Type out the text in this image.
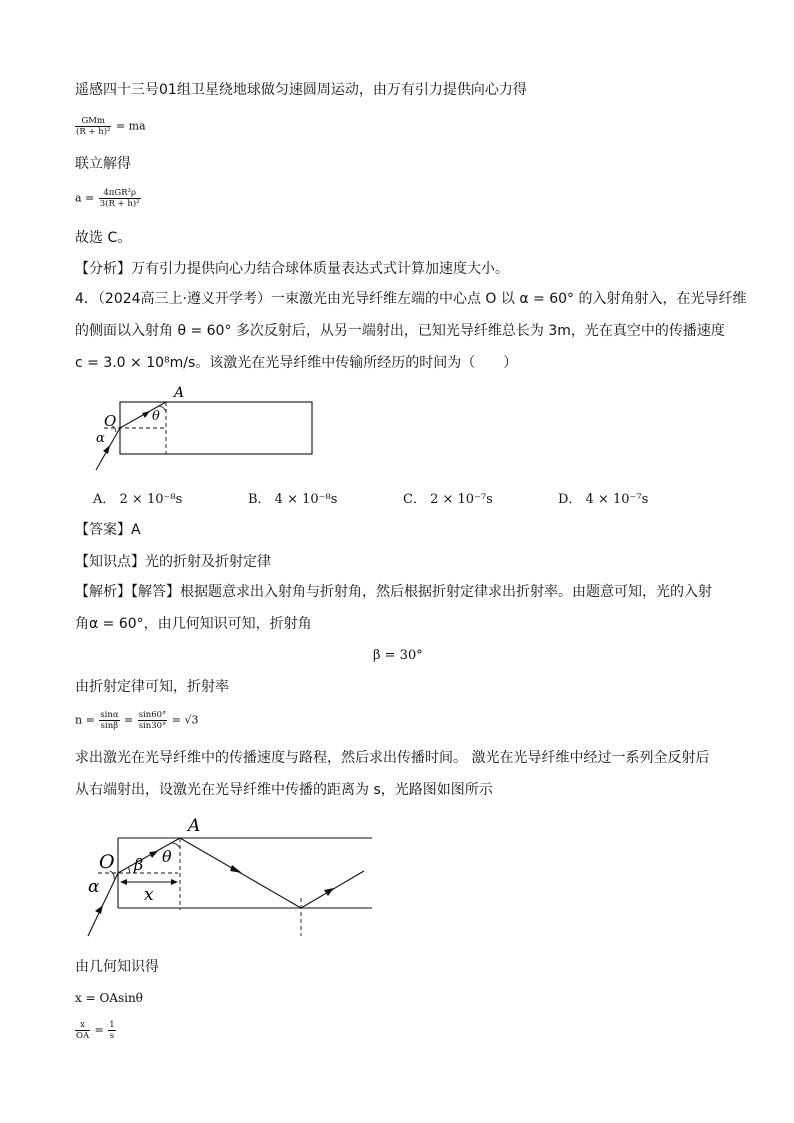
遥感四十三号01组卫星绕地球做匀速圆周运动，由万有引力提供向心力得
$\frac{\text{GMm}}{\text{(R + h)²}}$ = ma
联立解得
$a = \frac{\text{4πGR³ρ}}{\text{3(R + h)²}}$
故选 C。
【分析】万有引力提供向心力结合球体质量表达式式计算加速度大小。
4．（2024高三上·遵义开学考）一束激光由光导纤维左端的中心点 O 以 α = 60° 的入射角射入，在光导纤维
的侧面以入射角 θ = 60° 多次反射后，从另一端射出，已知光导纤维总长为 3m，光在真空中的传播速度
c = 3.0 × 10⁸m/s。该激光在光导纤维中传输所经历的时间为（　　）
A
O	θ
α
A． 2 × 10⁻⁸s	B． 4 × 10⁻⁸s	C． 2 × 10⁻⁷s	D． 4 × 10⁻⁷s
【答案】A
【知识点】光的折射及折射定律
【解析】【解答】根据题意求出入射角与折射角，然后根据折射定律求出折射率。由题意可知，光的入射
角α = 60°，由几何知识可知，折射角
β = 30°
由折射定律可知，折射率
$n = \frac{\sin\alpha}{\sin\beta} = \frac{\sin 60^\circ}{\sin 30^\circ} = √3$
求出激光在光导纤维中的传播速度与路程，然后求出传播时间。 激光在光导纤维中经过一系列全反射后
从右端射出，设激光在光导纤维中传播的距离为 s，光路图如图所示
A
O β θ
α	x
由几何知识得
x = OAsinθ
$\frac{x}{OA} = \frac{1}{s}$
